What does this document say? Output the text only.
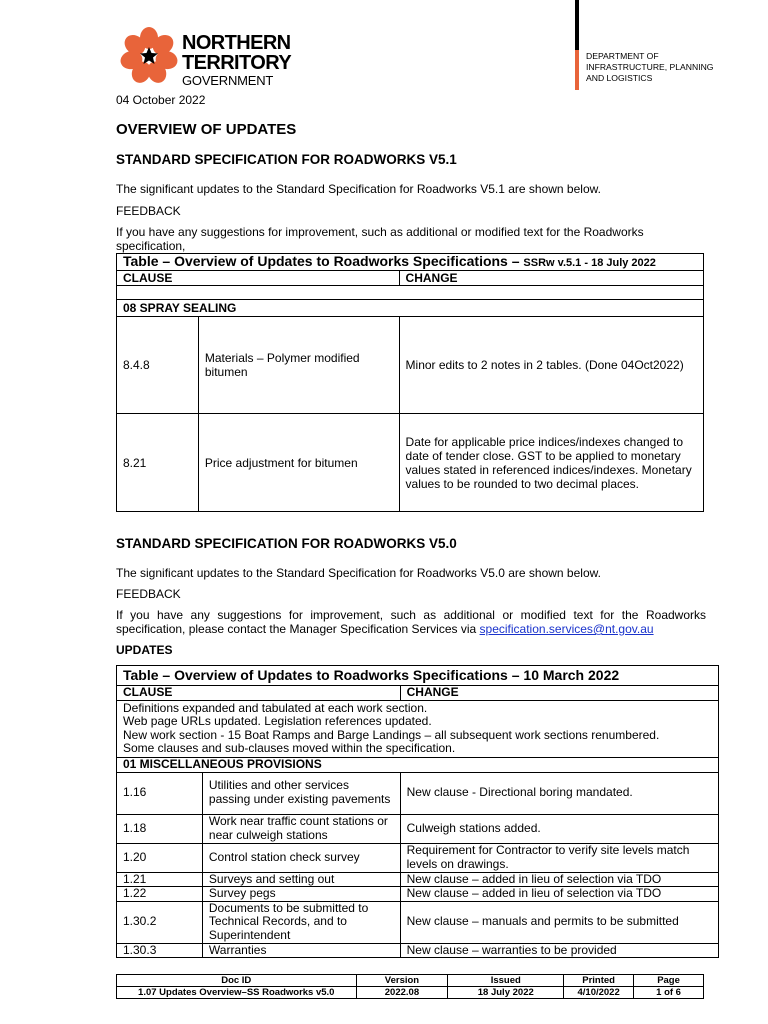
NORTHERN
TERRITORY
GOVERNMENT
DEPARTMENT OF
INFRASTRUCTURE, PLANNING
AND LOGISTICS
04 October 2022
OVERVIEW OF UPDATES
STANDARD SPECIFICATION FOR ROADWORKS V5.1
The significant updates to the Standard Specification for Roadworks V5.1 are shown below.
FEEDBACK
If you have any suggestions for improvement, such as additional or modified text for the Roadworks specification,
Table – Overview of Updates to Roadworks Specifications – SSRw v.5.1 - 18 July 2022		
CLAUSE		CHANGE

08 SPRAY SEALING		
8.4.8	Materials – Polymer modified bitumen	Minor edits to 2 notes in 2 tables. (Done 04Oct2022)
8.21	Price adjustment for bitumen	Date for applicable price indices/indexes changed to date of tender close. GST to be applied to monetary values stated in referenced indices/indexes. Monetary values to be rounded to two decimal places.
STANDARD SPECIFICATION FOR ROADWORKS V5.0
The significant updates to the Standard Specification for Roadworks V5.0 are shown below.
FEEDBACK
If you have any suggestions for improvement, such as additional or modified text for the Roadworks specification, please contact the Manager Specification Services via specification.services@nt.gov.au
UPDATES
Table – Overview of Updates to Roadworks Specifications – 10 March 2022		
CLAUSE		CHANGE

Definitions expanded and tabulated at each work section.
Web page URLs updated. Legislation references updated.
New work section - 15 Boat Ramps and Barge Landings – all subsequent work sections renumbered.
Some clauses and sub-clauses moved within the specification.		

01 MISCELLANEOUS PROVISIONS		
1.16	Utilities and other services passing under existing pavements	New clause - Directional boring mandated.
1.18	Work near traffic count stations or near culweigh stations	Culweigh stations added.
1.20	Control station check survey	Requirement for Contractor to verify site levels match levels on drawings.
1.21	Surveys and setting out	New clause – added in lieu of selection via TDO
1.22	Survey pegs	New clause – added in lieu of selection via TDO
1.30.2	Documents to be submitted to Technical Records, and to Superintendent	New clause – manuals and permits to be submitted
1.30.3	Warranties	New clause – warranties to be provided
Doc ID	Version	Issued	Printed	Page
1.07 Updates Overview–SS Roadworks v5.0	2022.08	18 July 2022	4/10/2022	1 of 6
